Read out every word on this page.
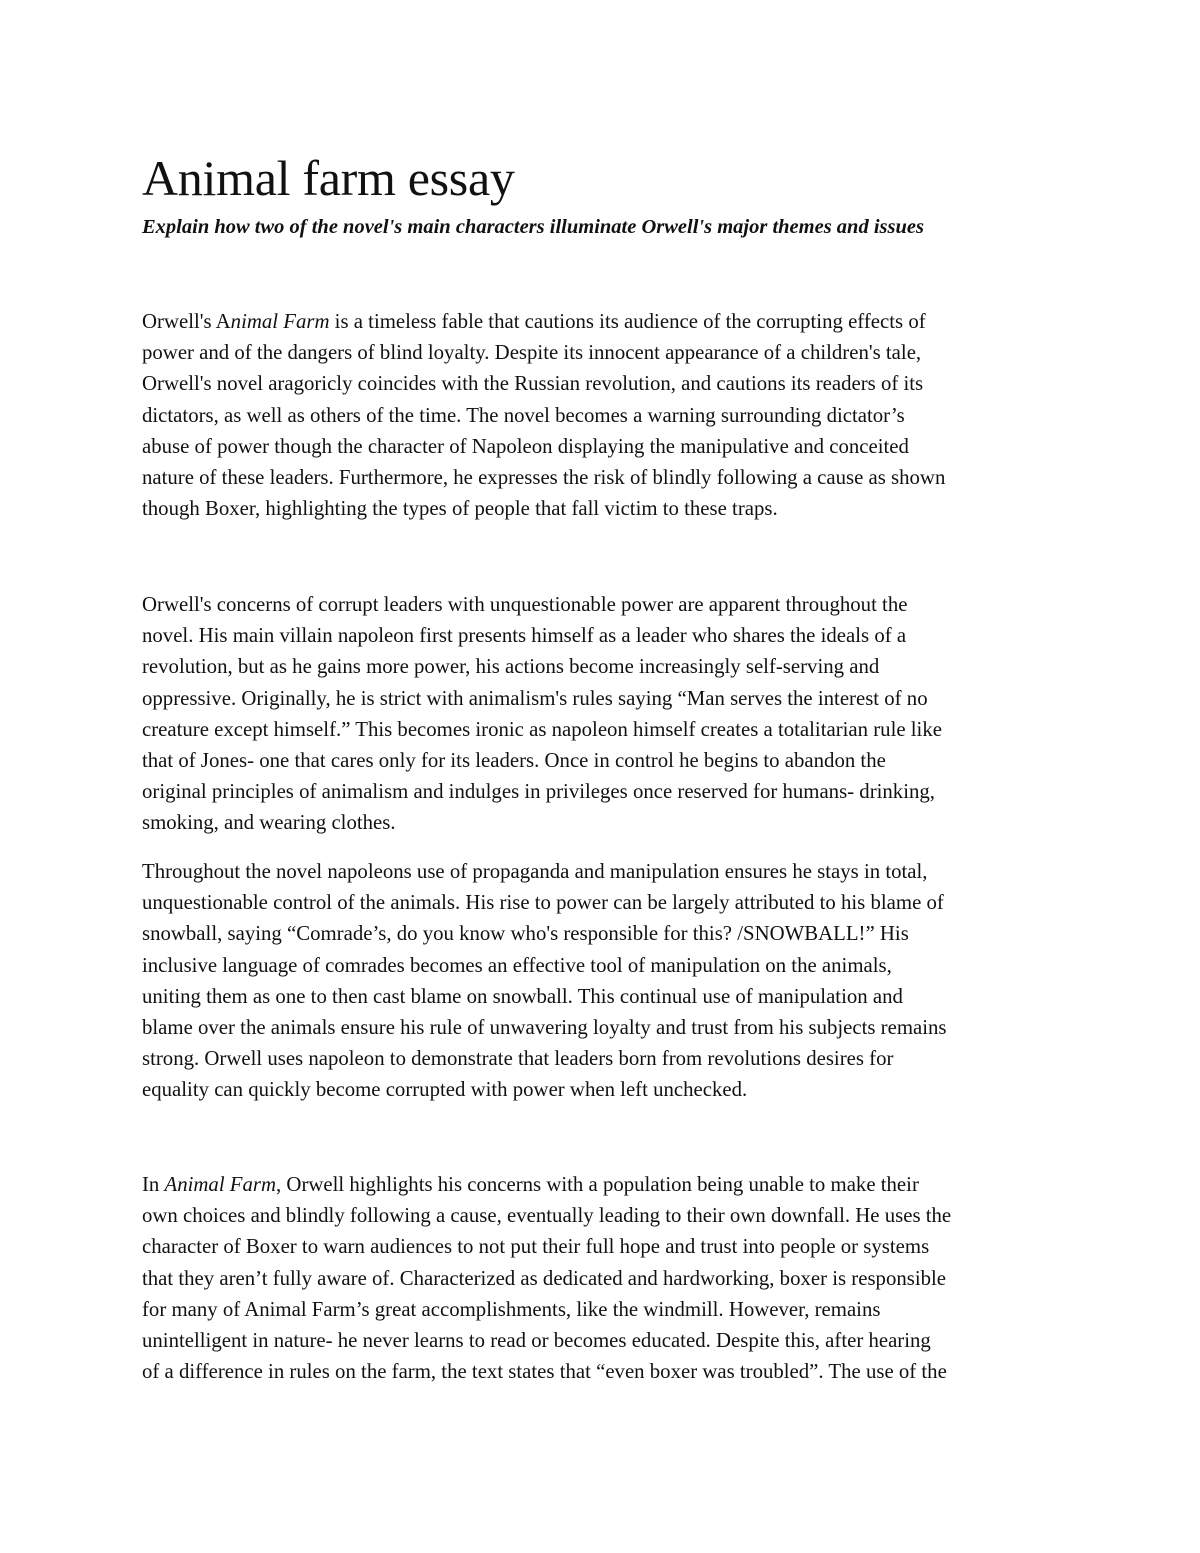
Animal farm essay

Explain how two of the novel's main characters illuminate Orwell's major themes and issues

Orwell's Animal Farm is a timeless fable that cautions its audience of the corrupting effects of
power and of the dangers of blind loyalty. Despite its innocent appearance of a children's tale,
Orwell's novel aragoricly coincides with the Russian revolution, and cautions its readers of its
dictators, as well as others of the time. The novel becomes a warning surrounding dictator’s
abuse of power though the character of Napoleon displaying the manipulative and conceited
nature of these leaders. Furthermore, he expresses the risk of blindly following a cause as shown
though Boxer, highlighting the types of people that fall victim to these traps.

Orwell's concerns of corrupt leaders with unquestionable power are apparent throughout the
novel. His main villain napoleon first presents himself as a leader who shares the ideals of a
revolution, but as he gains more power, his actions become increasingly self-serving and
oppressive. Originally, he is strict with animalism's rules saying “Man serves the interest of no
creature except himself.” This becomes ironic as napoleon himself creates a totalitarian rule like
that of Jones- one that cares only for its leaders. Once in control he begins to abandon the
original principles of animalism and indulges in privileges once reserved for humans- drinking,
smoking, and wearing clothes.

Throughout the novel napoleons use of propaganda and manipulation ensures he stays in total,
unquestionable control of the animals. His rise to power can be largely attributed to his blame of
snowball, saying “Comrade’s, do you know who's responsible for this? /SNOWBALL!” His
inclusive language of comrades becomes an effective tool of manipulation on the animals,
uniting them as one to then cast blame on snowball. This continual use of manipulation and
blame over the animals ensure his rule of unwavering loyalty and trust from his subjects remains
strong. Orwell uses napoleon to demonstrate that leaders born from revolutions desires for
equality can quickly become corrupted with power when left unchecked.

In Animal Farm, Orwell highlights his concerns with a population being unable to make their
own choices and blindly following a cause, eventually leading to their own downfall. He uses the
character of Boxer to warn audiences to not put their full hope and trust into people or systems
that they aren’t fully aware of. Characterized as dedicated and hardworking, boxer is responsible
for many of Animal Farm’s great accomplishments, like the windmill. However, remains
unintelligent in nature- he never learns to read or becomes educated. Despite this, after hearing
of a difference in rules on the farm, the text states that “even boxer was troubled”. The use of the
